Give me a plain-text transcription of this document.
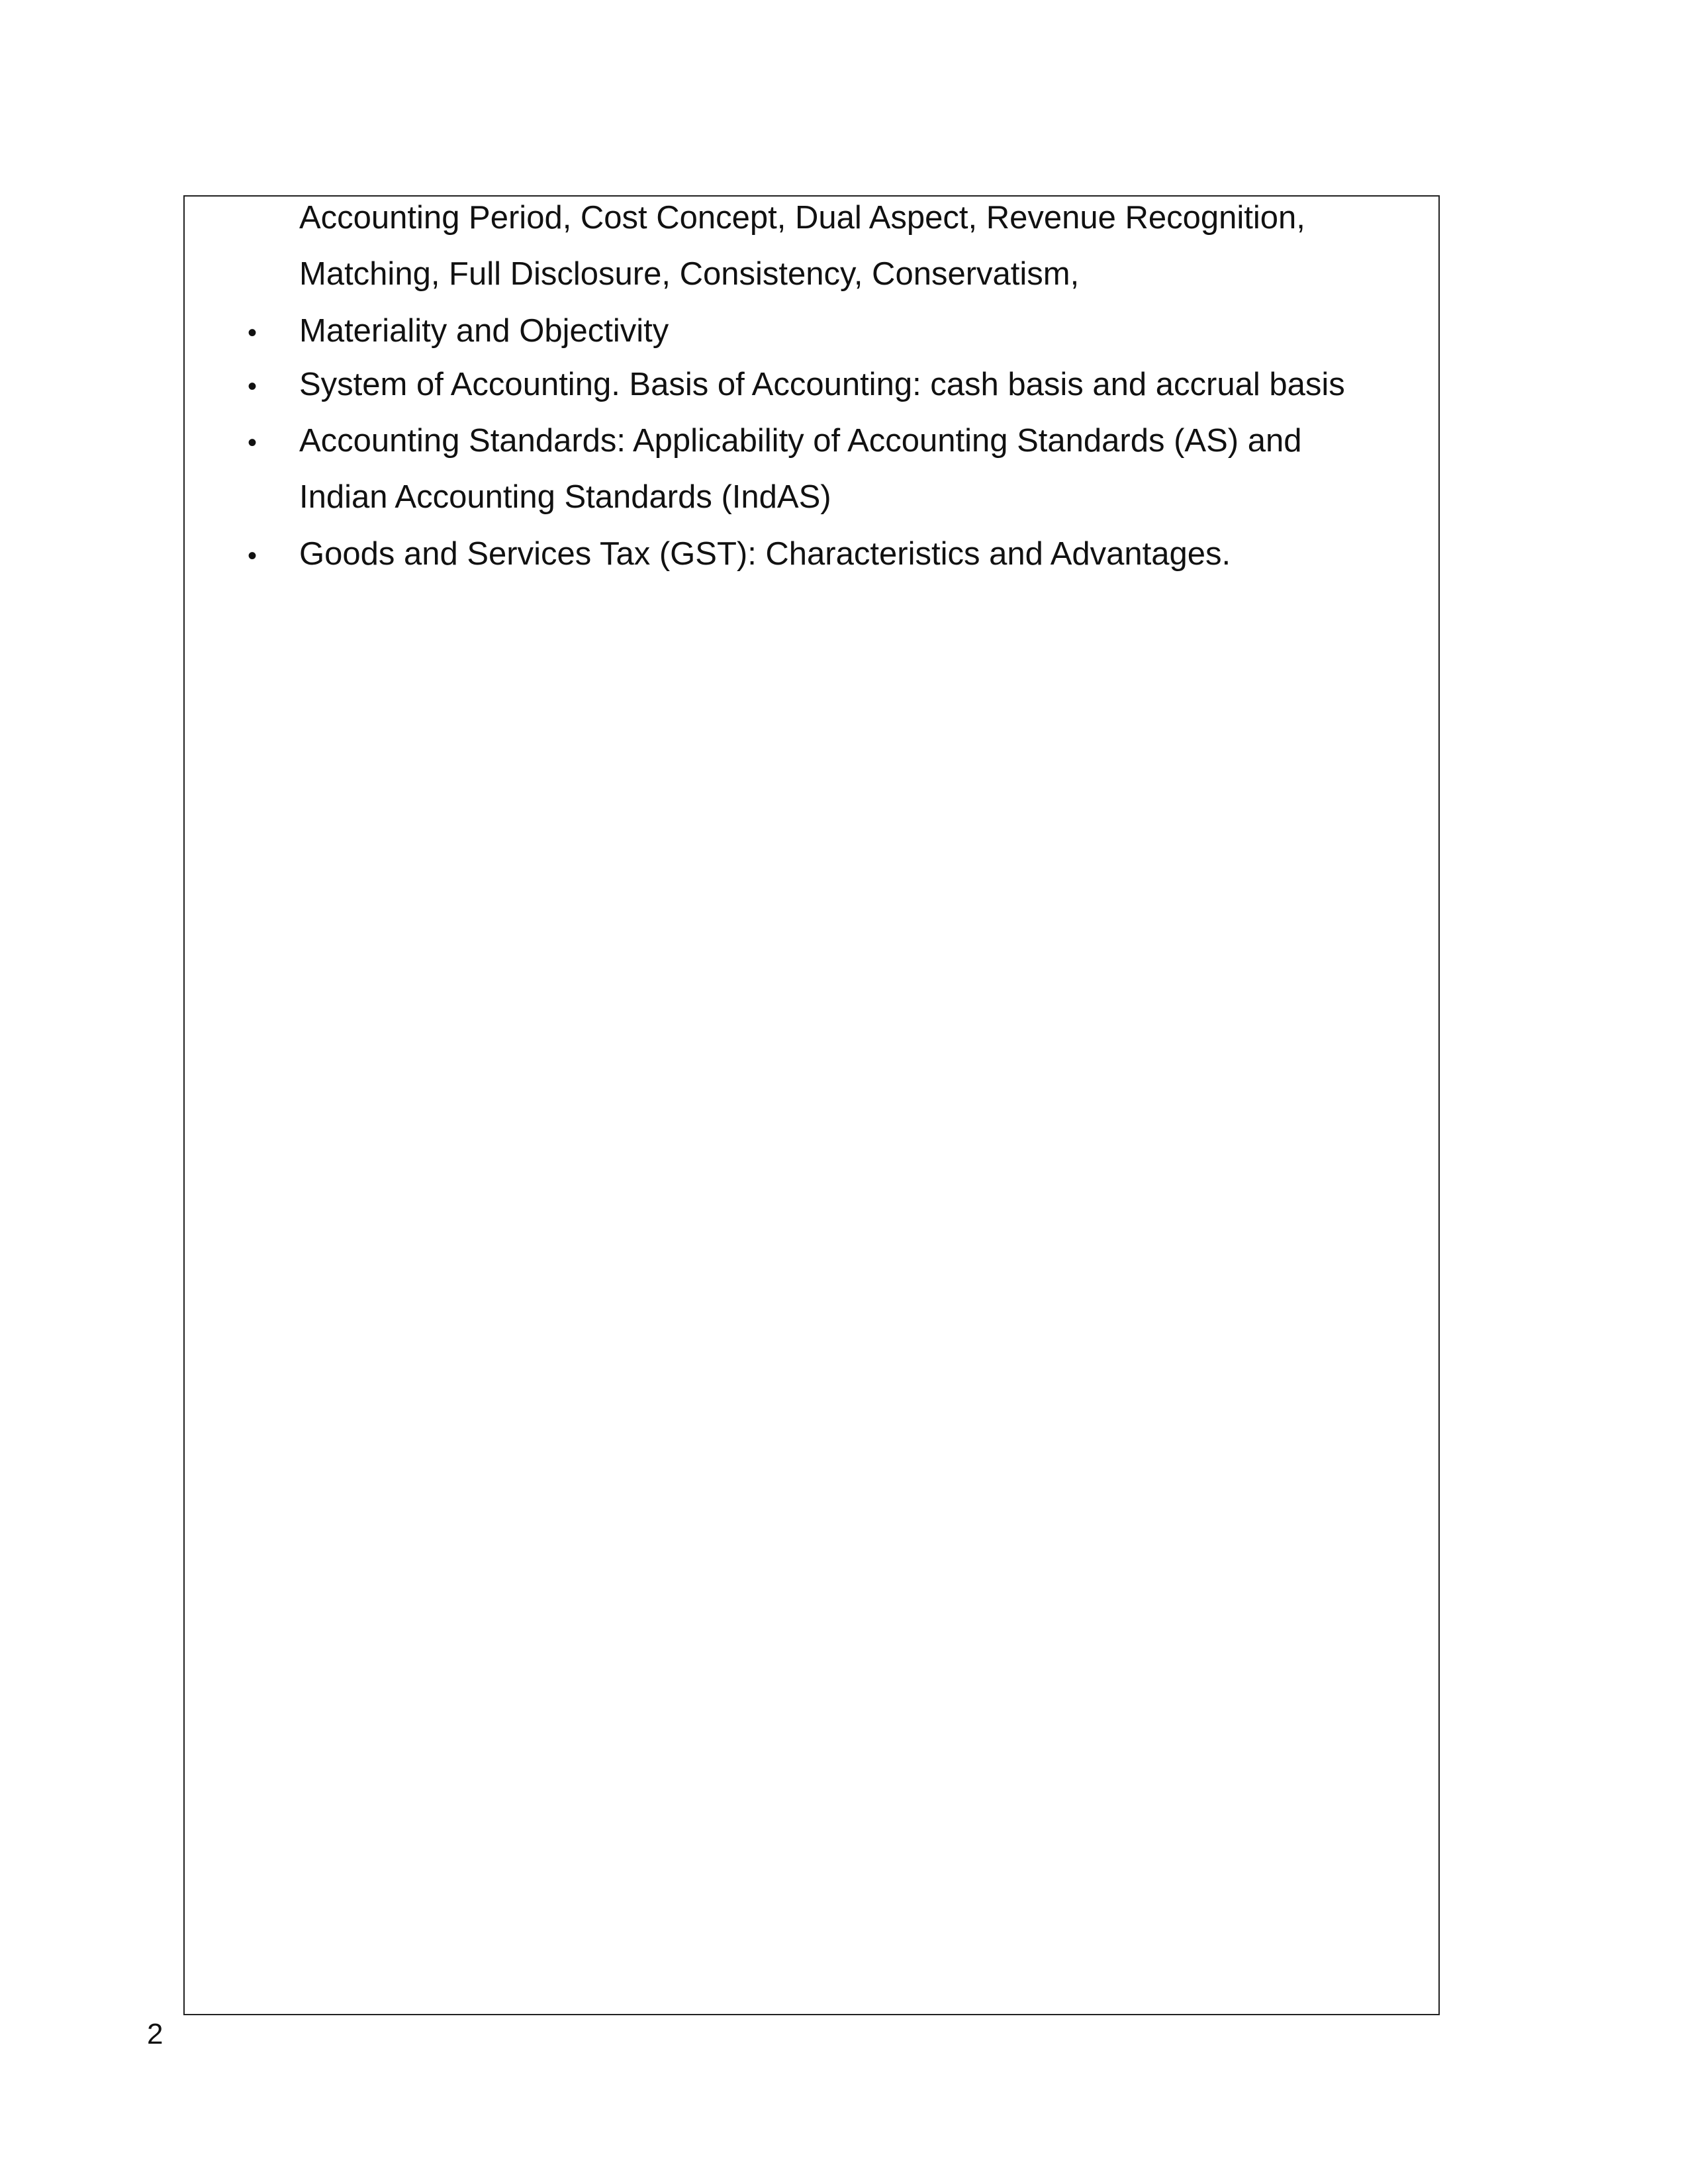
Accounting Period, Cost Concept, Dual Aspect, Revenue Recognition,
Matching, Full Disclosure, Consistency, Conservatism,
• Materiality and Objectivity
• System of Accounting. Basis of Accounting: cash basis and accrual basis
• Accounting Standards: Applicability of Accounting Standards (AS) and
Indian Accounting Standards (IndAS)
• Goods and Services Tax (GST): Characteristics and Advantages.
2
